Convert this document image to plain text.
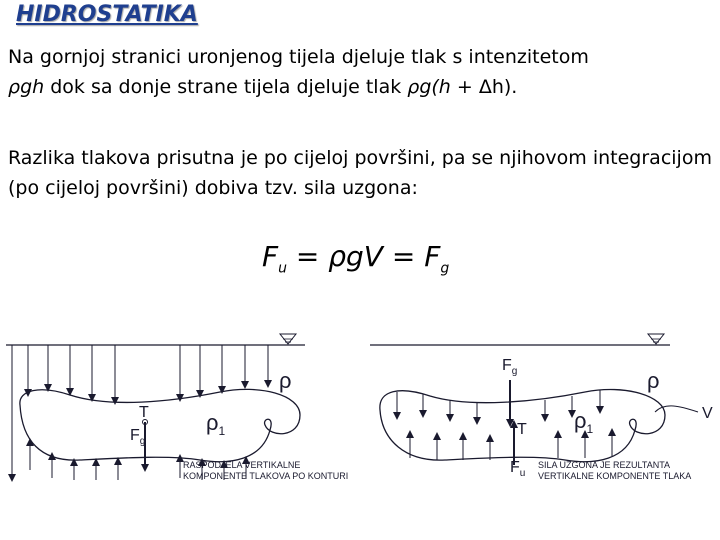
HIDROSTATIKA
Na gornjoj stranici uronjenog tijela djeluje tlak s intenzitetom
ρgh dok sa donje strane tijela djeluje tlak ρg(h + Δh).
Razlika tlakova prisutna je po cijeloj površini, pa se njihovom integracijom (po cijeloj površini) dobiva tzv. sila uzgona:
$F_u = \rho gV = F_g$
ρ
T
$F_g$
$\rho_1$
RASPODJELA VERTIKALNE
KOMPONENTE TLAKOVA PO KONTURI
$F_g$	ρ
T $\rho_1$
V
$F_u$
SILA UZGONA JE REZULTANTA
VERTIKALNE KOMPONENTE TLAKA
